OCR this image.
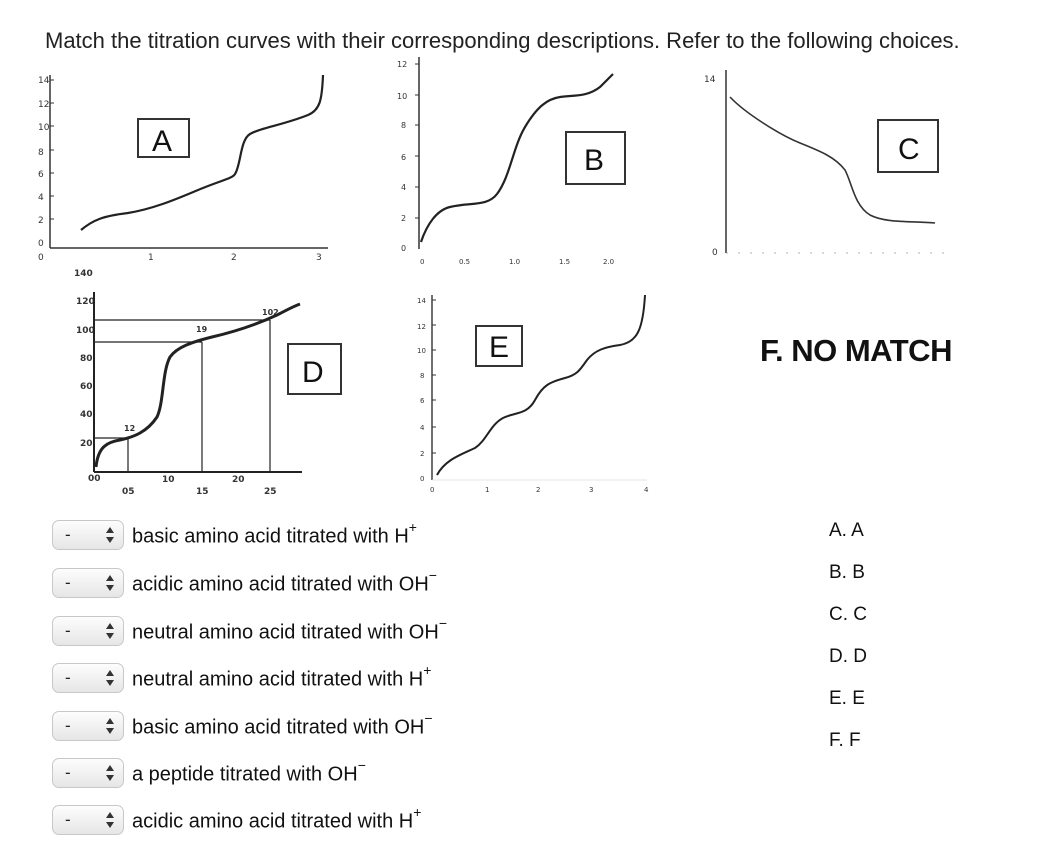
Match the titration curves with their corresponding descriptions. Refer to the following choices.
14
12
10
8
6
4
2
0
0	1	2	3
A
12
10
8
6
4
2
0
0	0.5	1.0	1.5	2.0
B
14
0
C
140
120
100
80
60
40
20
00
12
19
102
05
10
15
20
25
D
14
12
10
8
6
4
2
0
0	1	2	3	4
E	F. NO MATCH
-	basic amino acid titrated with H+
-	acidic amino acid titrated with OH−
-	neutral amino acid titrated with OH−
-	neutral amino acid titrated with H+
-	basic amino acid titrated with OH−
-	a peptide titrated with OH−
-	acidic amino acid titrated with H+
A. A
B. B
C. C
D. D
E. E
F. F
